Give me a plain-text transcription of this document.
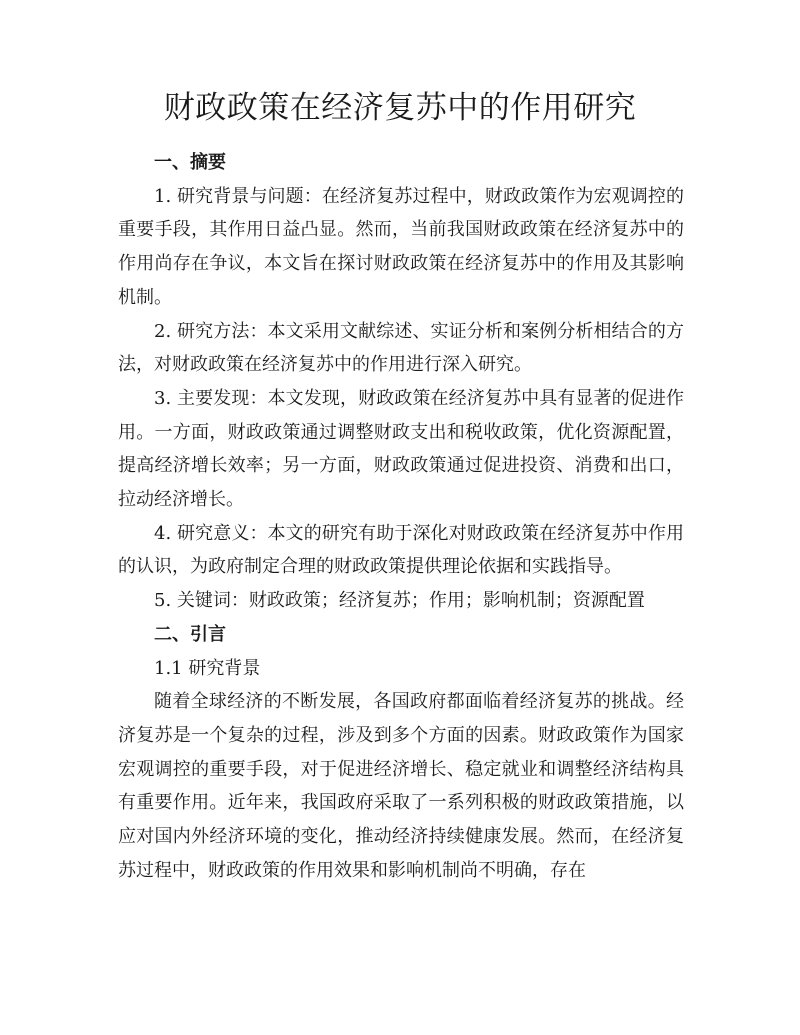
财政政策在经济复苏中的作用研究
一、摘要

1. 研究背景与问题：在经济复苏过程中，财政政策作为宏观调控的重要手段，其作用日益凸显。然而，当前我国财政政策在经济复苏中的作用尚存在争议，本文旨在探讨财政政策在经济复苏中的作用及其影响机制。

2. 研究方法：本文采用文献综述、实证分析和案例分析相结合的方法，对财政政策在经济复苏中的作用进行深入研究。

3. 主要发现：本文发现，财政政策在经济复苏中具有显著的促进作用。一方面，财政政策通过调整财政支出和税收政策，优化资源配置，提高经济增长效率；另一方面，财政政策通过促进投资、消费和出口，拉动经济增长。

4. 研究意义：本文的研究有助于深化对财政政策在经济复苏中作用的认识，为政府制定合理的财政政策提供理论依据和实践指导。

5. 关键词：财政政策；经济复苏；作用；影响机制；资源配置

二、引言

1.1 研究背景

随着全球经济的不断发展，各国政府都面临着经济复苏的挑战。经济复苏是一个复杂的过程，涉及到多个方面的因素。财政政策作为国家宏观调控的重要手段，对于促进经济增长、稳定就业和调整经济结构具有重要作用。近年来，我国政府采取了一系列积极的财政政策措施，以应对国内外经济环境的变化，推动经济持续健康发展。然而，在经济复苏过程中，财政政策的作用效果和影响机制尚不明确，存在
